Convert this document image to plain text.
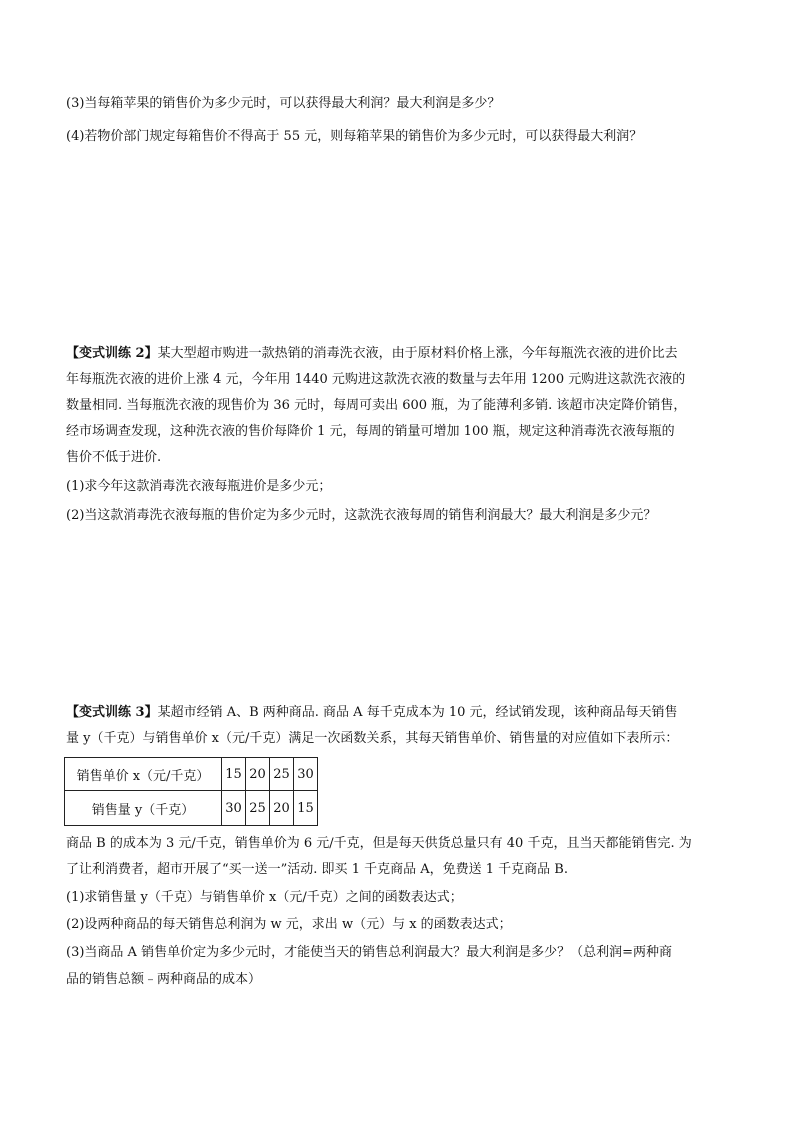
(3)当每箱苹果的销售价为多少元时，可以获得最大利润？最大利润是多少？
(4)若物价部门规定每箱售价不得高于 55 元，则每箱苹果的销售价为多少元时，可以获得最大利润？
【变式训练 2】某大型超市购进一款热销的消毒洗衣液，由于原材料价格上涨，今年每瓶洗衣液的进价比去
年每瓶洗衣液的进价上涨 4 元，今年用 1440 元购进这款洗衣液的数量与去年用 1200 元购进这款洗衣液的
数量相同. 当每瓶洗衣液的现售价为 36 元时，每周可卖出 600 瓶，为了能薄利多销. 该超市决定降价销售，
经市场调查发现，这种洗衣液的售价每降价 1 元，每周的销量可增加 100 瓶，规定这种消毒洗衣液每瓶的
售价不低于进价.
(1)求今年这款消毒洗衣液每瓶进价是多少元；
(2)当这款消毒洗衣液每瓶的售价定为多少元时，这款洗衣液每周的销售利润最大？最大利润是多少元？
【变式训练 3】某超市经销 A、B 两种商品. 商品 A 每千克成本为 10 元，经试销发现，该种商品每天销售
量 y（千克）与销售单价 x（元/千克）满足一次函数关系，其每天销售单价、销售量的对应值如下表所示：
销售单价 x（元/千克）	15	20	25	30
销售量 y（千克）	30	25	20	15
商品 B 的成本为 3 元/千克，销售单价为 6 元/千克，但是每天供货总量只有 40 千克，且当天都能销售完. 为
了让利消费者，超市开展了“买一送一”活动. 即买 1 千克商品 A，免费送 1 千克商品 B.
(1)求销售量 y（千克）与销售单价 x（元/千克）之间的函数表达式；
(2)设两种商品的每天销售总利润为 w 元，求出 w（元）与 x 的函数表达式；
(3)当商品 A 销售单价定为多少元时，才能使当天的销售总利润最大？最大利润是多少？（总利润=两种商
品的销售总额﹣两种商品的成本）
